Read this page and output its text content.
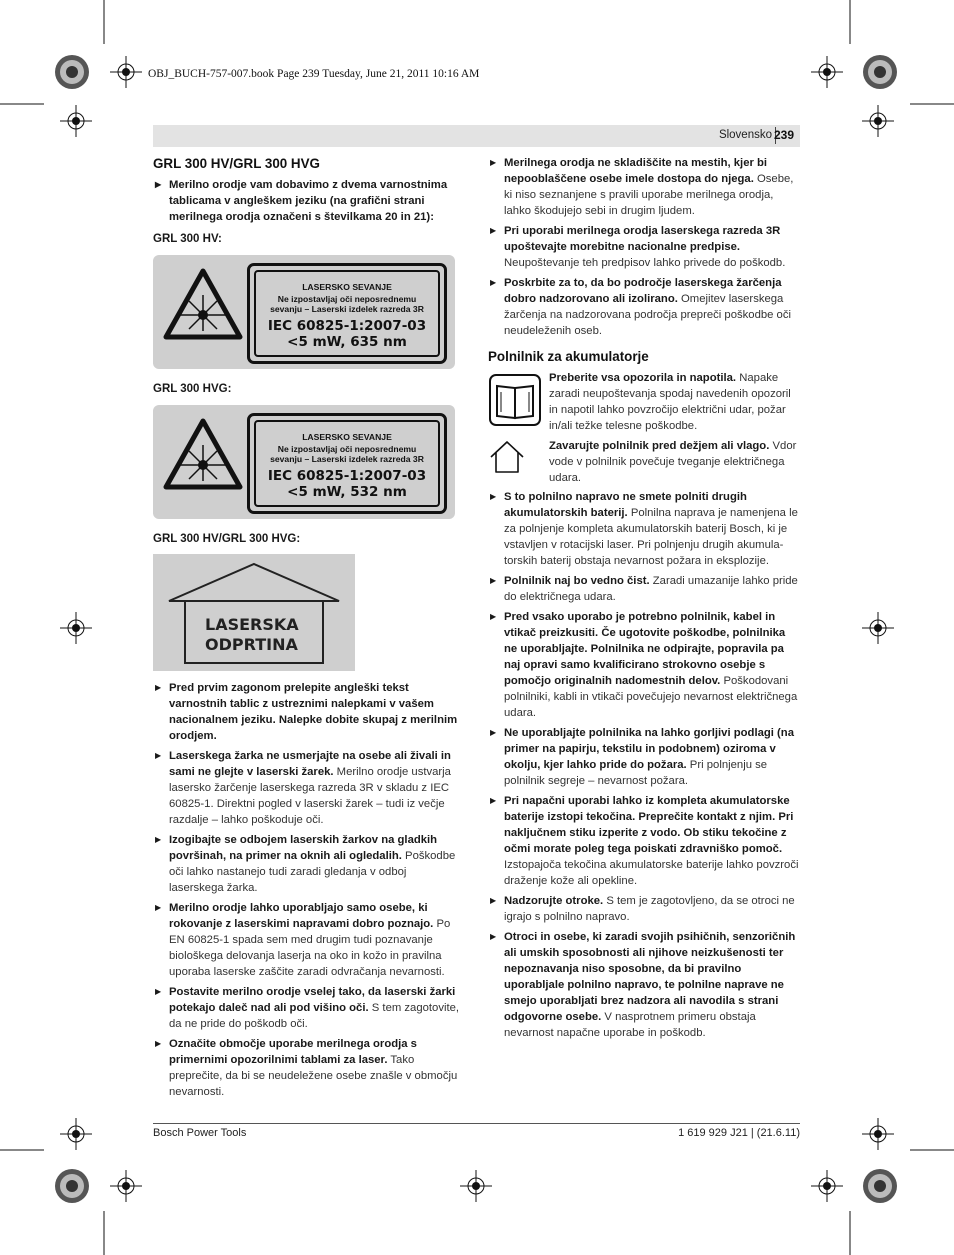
OBJ_BUCH-757-007.book Page 239 Tuesday, June 21, 2011 10:16 AM
Slovensko 239
GRL 300 HV/GRL 300 HVG
▶ Merilno orodje vam dobavimo z dvema varnostnima tablicama v angleškem jeziku (na grafični strani merilnega orodja označeni s številkama 20 in 21):
GRL 300 HV:
LASERSKO SEVANJE
Ne izpostavljaj oči neposrednemu
sevanju – Laserski izdelek razreda 3R
IEC 60825-1:2007-03
<5 mW, 635 nm
GRL 300 HVG:
LASERSKO SEVANJE
Ne izpostavljaj oči neposrednemu
sevanju – Laserski izdelek razreda 3R
IEC 60825-1:2007-03
<5 mW, 532 nm
GRL 300 HV/GRL 300 HVG:
LASERSKA
ODPRTINA
▶ Pred prvim zagonom prelepite angleški tekst varnostnih tablic z ustreznimi nalepkami v vašem nacionalnem jeziku. Nalepke dobite skupaj z merilnim orodjem.
▶ Laserskega žarka ne usmerjajte na osebe ali živali in sami ne glejte v laserski žarek. Merilno orodje ustvarja lasersko žarčenje laserskega razreda 3R v skladu z IEC 60825-1. Direktni pogled v laserski žarek – tudi iz večje razdalje – lahko poškoduje oči.
▶ Izogibajte se odbojem laserskih žarkov na gladkih površinah, na primer na oknih ali ogledalih. Poškodbe oči lahko nastanejo tudi zaradi gledanja v odboj laserskega žarka.
▶ Merilno orodje lahko uporabljajo samo osebe, ki rokovanje z laserskimi napravami dobro poznajo. Po EN 60825-1 spada sem med drugim tudi poznavanje biološkega delovanja laserja na oko in kožo in pravilna uporaba laserske zaščite zaradi odvračanja nevarnosti.
▶ Postavite merilno orodje vselej tako, da laserski žarki potekajo daleč nad ali pod višino oči. S tem zagotovite, da ne pride do poškodb oči.
▶ Označite območje uporabe merilnega orodja s primernimi opozorilnimi tablami za laser. Tako preprečite, da bi se neudeležene osebe znašle v območju nevarnosti.
▶ Merilnega orodja ne skladiščite na mestih, kjer bi nepooblaščene osebe imele dostopa do njega. Osebe, ki niso seznanjene s pravili uporabe merilnega orodja, lahko škodujejo sebi in drugim ljudem.
▶ Pri uporabi merilnega orodja laserskega razreda 3R upoštevajte morebitne nacionalne predpise. Neupoštevanje teh predpisov lahko privede do poškodb.
▶ Poskrbite za to, da bo področje laserskega žarčenja dobro nadzorovano ali izolirano. Omejitev laserskega žarčenja na nadzorovana področja prepreči poškodbe oči neudeleženih oseb.
Polnilnik za akumulatorje
Preberite vsa opozorila in napotila. Napake zaradi neupoštevanja spodaj navedenih opozoril in napotil lahko povzročijo električni udar, požar in/ali težke telesne poškodbe.
Zavarujte polnilnik pred dežjem ali vlago. Vdor vode v polnilnik povečuje tveganje električnega udara.
▶ S to polnilno napravo ne smete polniti drugih akumulatorskih baterij. Polnilna naprava je namenjena le za polnjenje kompleta akumulatorskih baterij Bosch, ki je vstavljen v rotacijski laser. Pri polnjenju drugih akumula-torskih baterij obstaja nevarnost požara in eksplozije.
▶ Polnilnik naj bo vedno čist. Zaradi umazanije lahko pride do električnega udara.
▶ Pred vsako uporabo je potrebno polnilnik, kabel in vtikač preizkusiti. Če ugotovite poškodbe, polnilnika ne uporabljajte. Polnilnika ne odpirajte, popravila pa naj opravi samo kvalificirano strokovno osebje s pomočjo originalnih nadomestnih delov. Poškodovani polnilniki, kabli in vtikači povečujejo nevarnost električnega udara.
▶ Ne uporabljajte polnilnika na lahko gorljivi podlagi (na primer na papirju, tekstilu in podobnem) oziroma v okolju, kjer lahko pride do požara. Pri polnjenju se polnilnik segreje – nevarnost požara.
▶ Pri napačni uporabi lahko iz kompleta akumulatorske baterije izstopi tekočina. Preprečite kontakt z njim. Pri naključnem stiku izperite z vodo. Ob stiku tekočine z očmi morate poleg tega poiskati zdravniško pomoč. Izstopajoča tekočina akumulatorske baterije lahko povzroči draženje kože ali opekline.
▶ Nadzorujte otroke. S tem je zagotovljeno, da se otroci ne igrajo s polnilno napravo.
▶ Otroci in osebe, ki zaradi svojih psihičnih, senzoričnih ali umskih sposobnosti ali njihove neizkušenosti ter nepoznavanja niso sposobne, da bi pravilno uporabljale polnilno napravo, te polnilne naprave ne smejo uporabljati brez nadzora ali navodila s strani odgovorne osebe. V nasprotnem primeru obstaja nevarnost napačne uporabe in poškodb.
Bosch Power Tools	1 619 929 J21 | (21.6.11)
